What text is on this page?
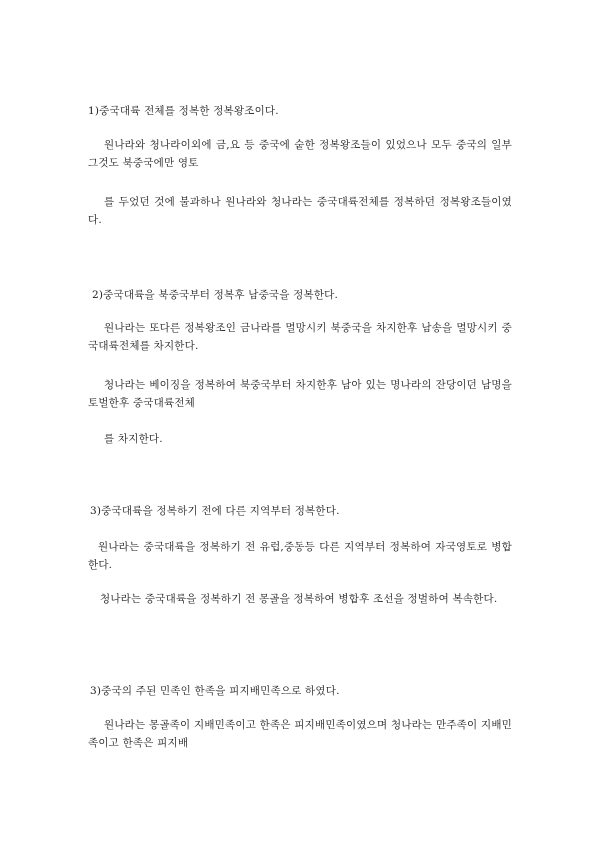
1)중국대륙 전체를 정복한 정복왕조이다.
원나라와 청나라이외에 금,요 등 중국에 숱한 정복왕조들이 있었으나 모두 중국의 일부 그것도 북중국에만 영토
를 두었던 것에 불과하나 원나라와 청나라는 중국대륙전체를 정복하던 정복왕조들이였다.
2)중국대륙을 북중국부터 정복후 남중국을 정복한다.
원나라는 또다른 정복왕조인 금나라를 멸망시키 북중국을 차지한후 남송을 멸망시키 중국대륙전체를 차지한다.
청나라는 베이징을 정복하여 북중국부터 차지한후 남아 있는 명나라의 잔당이던 남명을 토벌한후 중국대륙전체
를 차지한다.
3)중국대륙을 정복하기 전에 다른 지역부터 정복한다.
원나라는 중국대륙을 정복하기 전 유럽,중동등 다른 지역부터 정복하여 자국영토로 병합한다.
청나라는 중국대륙을 정복하기 전 몽골을 정복하여 병합후 조선을 정벌하여 복속한다.
3)중국의 주된 민족인 한족을 피지배민족으로 하였다.
원나라는 몽골족이 지배민족이고 한족은 피지배민족이였으며 청나라는 만주족이 지배민족이고 한족은 피지배
